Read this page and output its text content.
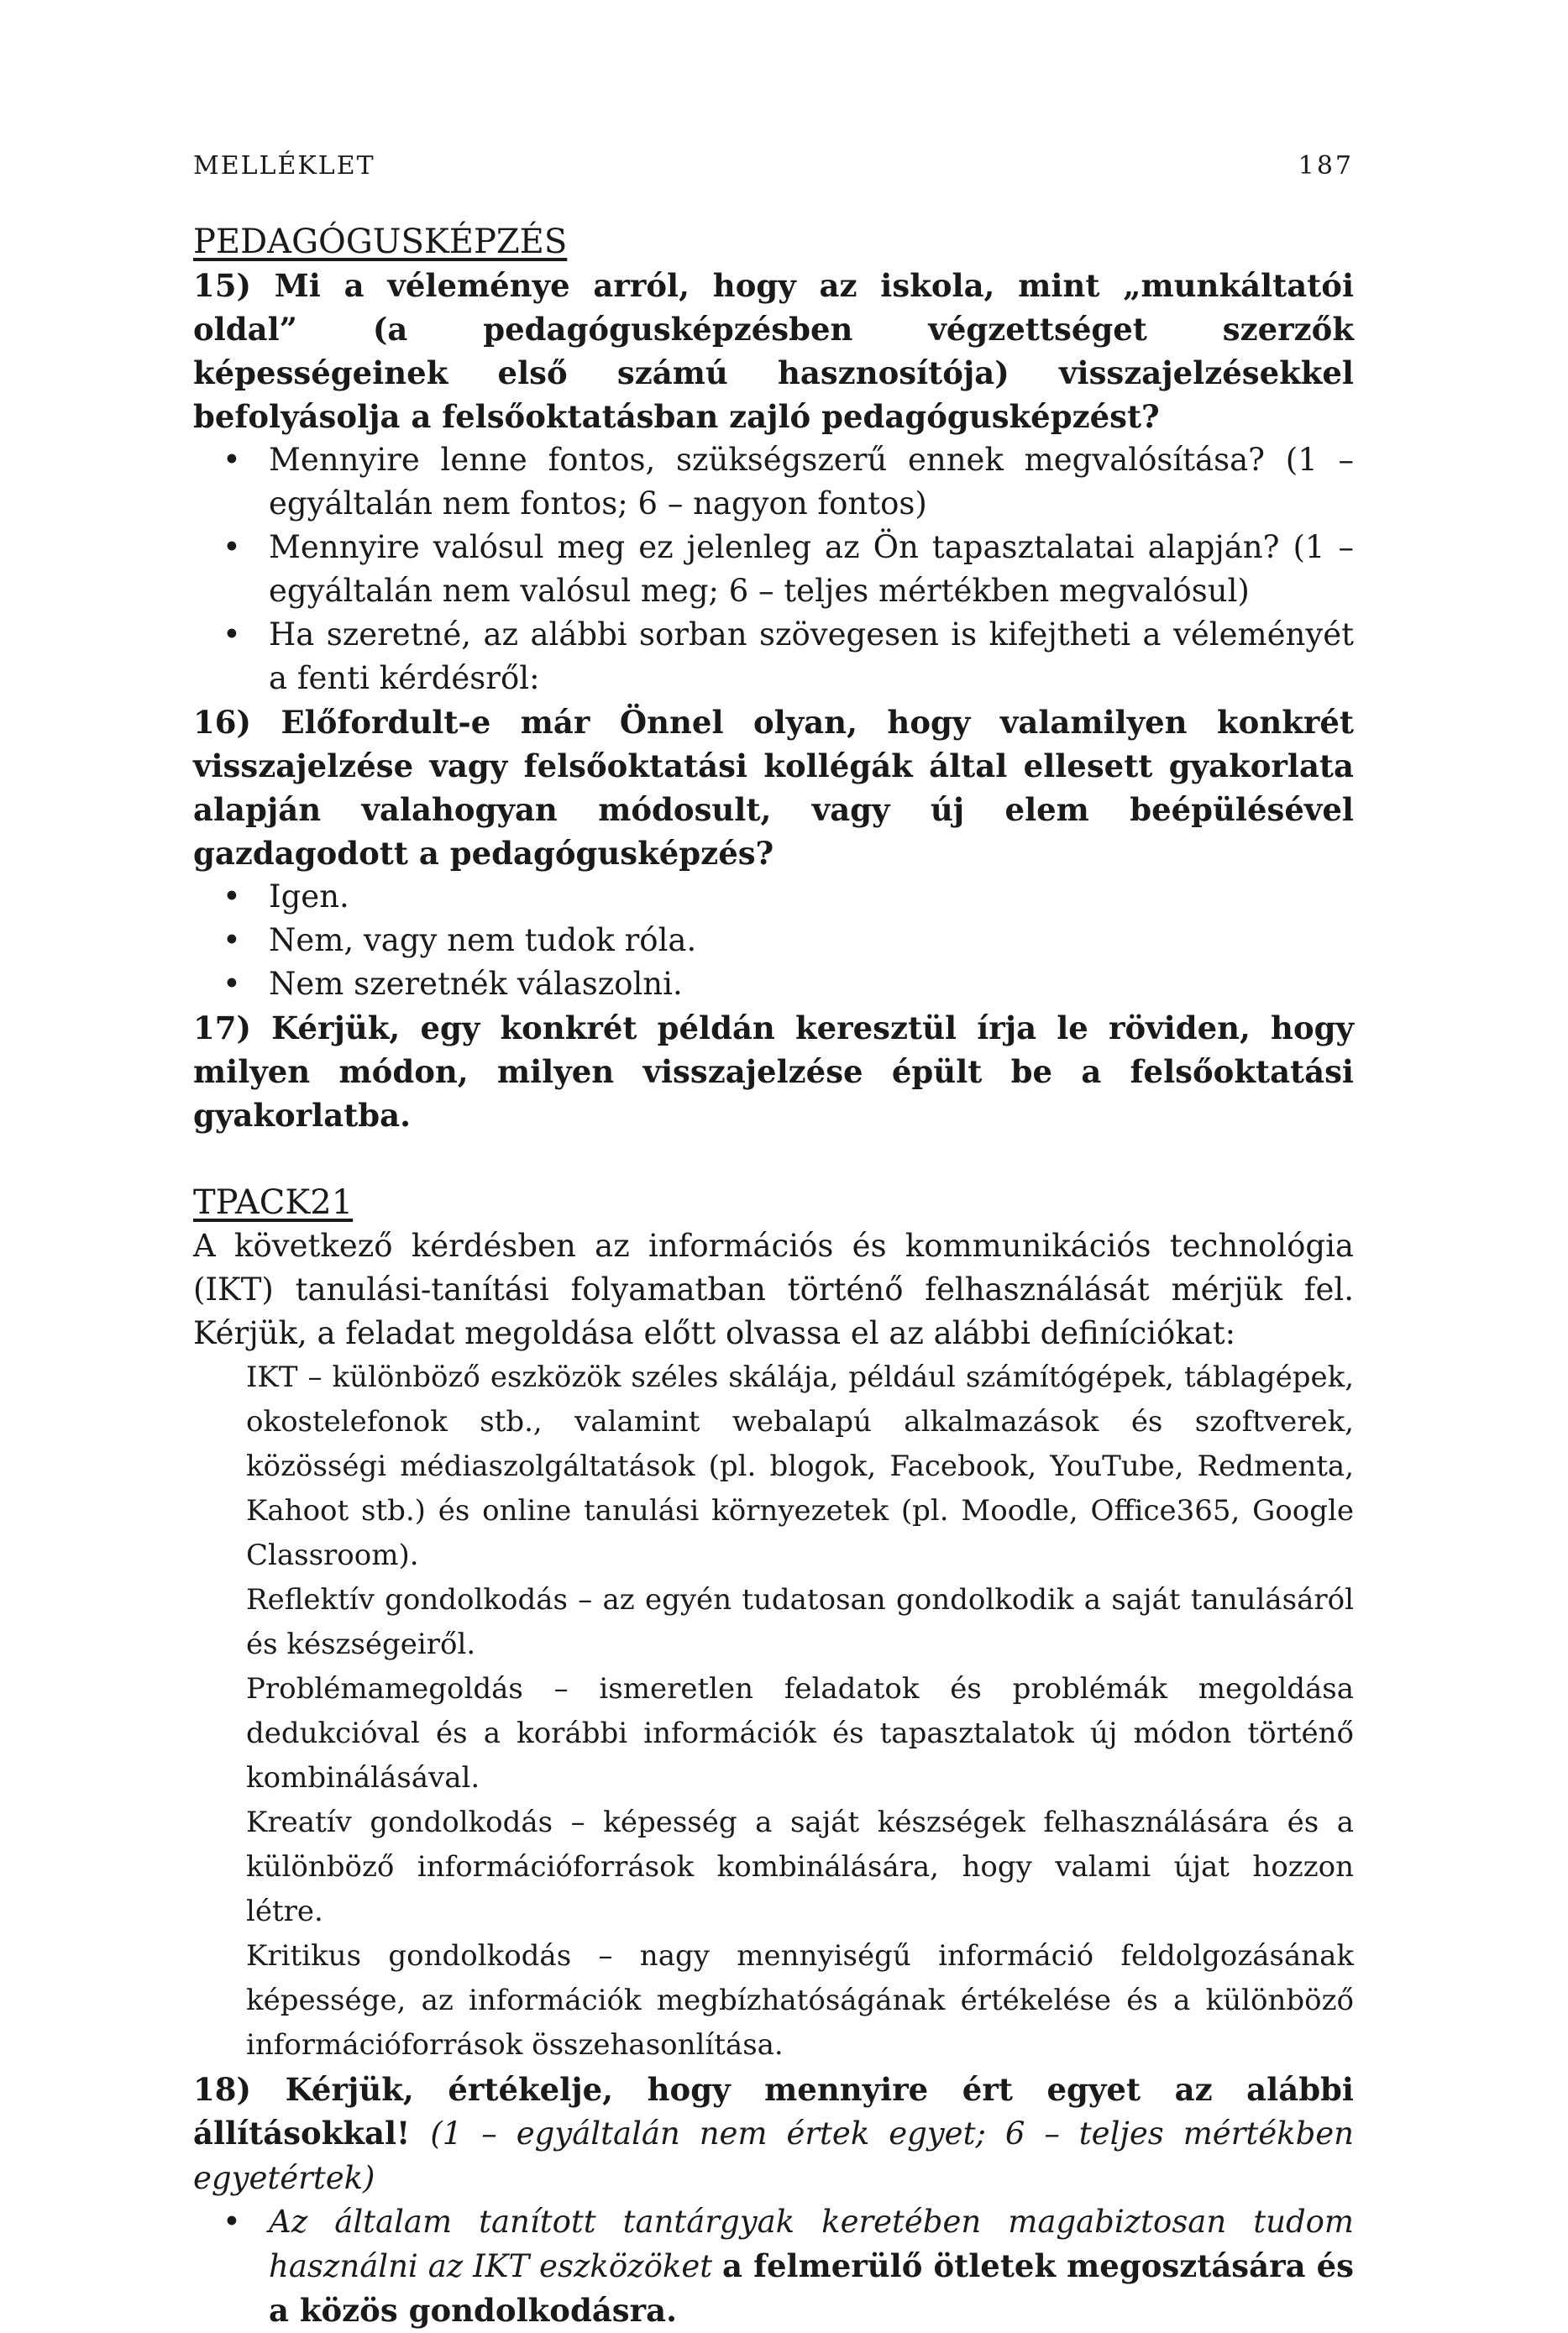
MELLÉKLET	187
PEDAGÓGUSKÉPZÉS

15) Mi a véleménye arról, hogy az iskola, mint „munkáltatói oldal” (a pedagógusképzésben végzettséget szerzők képességeinek első számú hasznosítója) visszajelzésekkel befolyásolja a felsőoktatásban zajló pedagógusképzést?

• Mennyire lenne fontos, szükségszerű ennek megvalósítása? (1 – egyáltalán nem fontos; 6 – nagyon fontos)
• Mennyire valósul meg ez jelenleg az Ön tapasztalatai alapján? (1 – egyáltalán nem valósul meg; 6 – teljes mértékben megvalósul)
• Ha szeretné, az alábbi sorban szövegesen is kifejtheti a véleményét a fenti kérdésről:

16) Előfordult-e már Önnel olyan, hogy valamilyen konkrét visszajelzése vagy felsőoktatási kollégák által ellesett gyakorlata alapján valahogyan módosult, vagy új elem beépülésével gazdagodott a pedagógusképzés?

• Igen.
• Nem, vagy nem tudok róla.
• Nem szeretnék válaszolni.

17) Kérjük, egy konkrét példán keresztül írja le röviden, hogy milyen módon, milyen visszajelzése épült be a felsőoktatási gyakorlatba.

TPACK21

A következő kérdésben az információs és kommunikációs technológia (IKT) tanulási-tanítási folyamatban történő felhasználását mérjük fel. Kérjük, a feladat megoldása előtt olvassa el az alábbi definíciókat:

IKT – különböző eszközök széles skálája, például számítógépek, táblagépek, okostelefonok stb., valamint webalapú alkalmazások és szoftverek, közösségi médiaszolgáltatások (pl. blogok, Facebook, YouTube, Redmenta, Kahoot stb.) és online tanulási környezetek (pl. Moodle, Office365, Google Classroom).

Reflektív gondolkodás – az egyén tudatosan gondolkodik a saját tanulásáról és készségeiről.

Problémamegoldás – ismeretlen feladatok és problémák megoldása dedukcióval és a korábbi információk és tapasztalatok új módon történő kombinálásával.

Kreatív gondolkodás – képesség a saját készségek felhasználására és a különböző információforrások kombinálására, hogy valami újat hozzon létre.

Kritikus gondolkodás – nagy mennyiségű információ feldolgozásának képessége, az információk megbízhatóságának értékelése és a különböző információforrások összehasonlítása.

18) Kérjük, értékelje, hogy mennyire ért egyet az alábbi állításokkal! (1 – egyáltalán nem értek egyet; 6 – teljes mértékben egyetértek)

• Az általam tanított tantárgyak keretében magabiztosan tudom használni az IKT eszközöket a felmerülő ötletek megosztására és a közös gondolkodásra.
